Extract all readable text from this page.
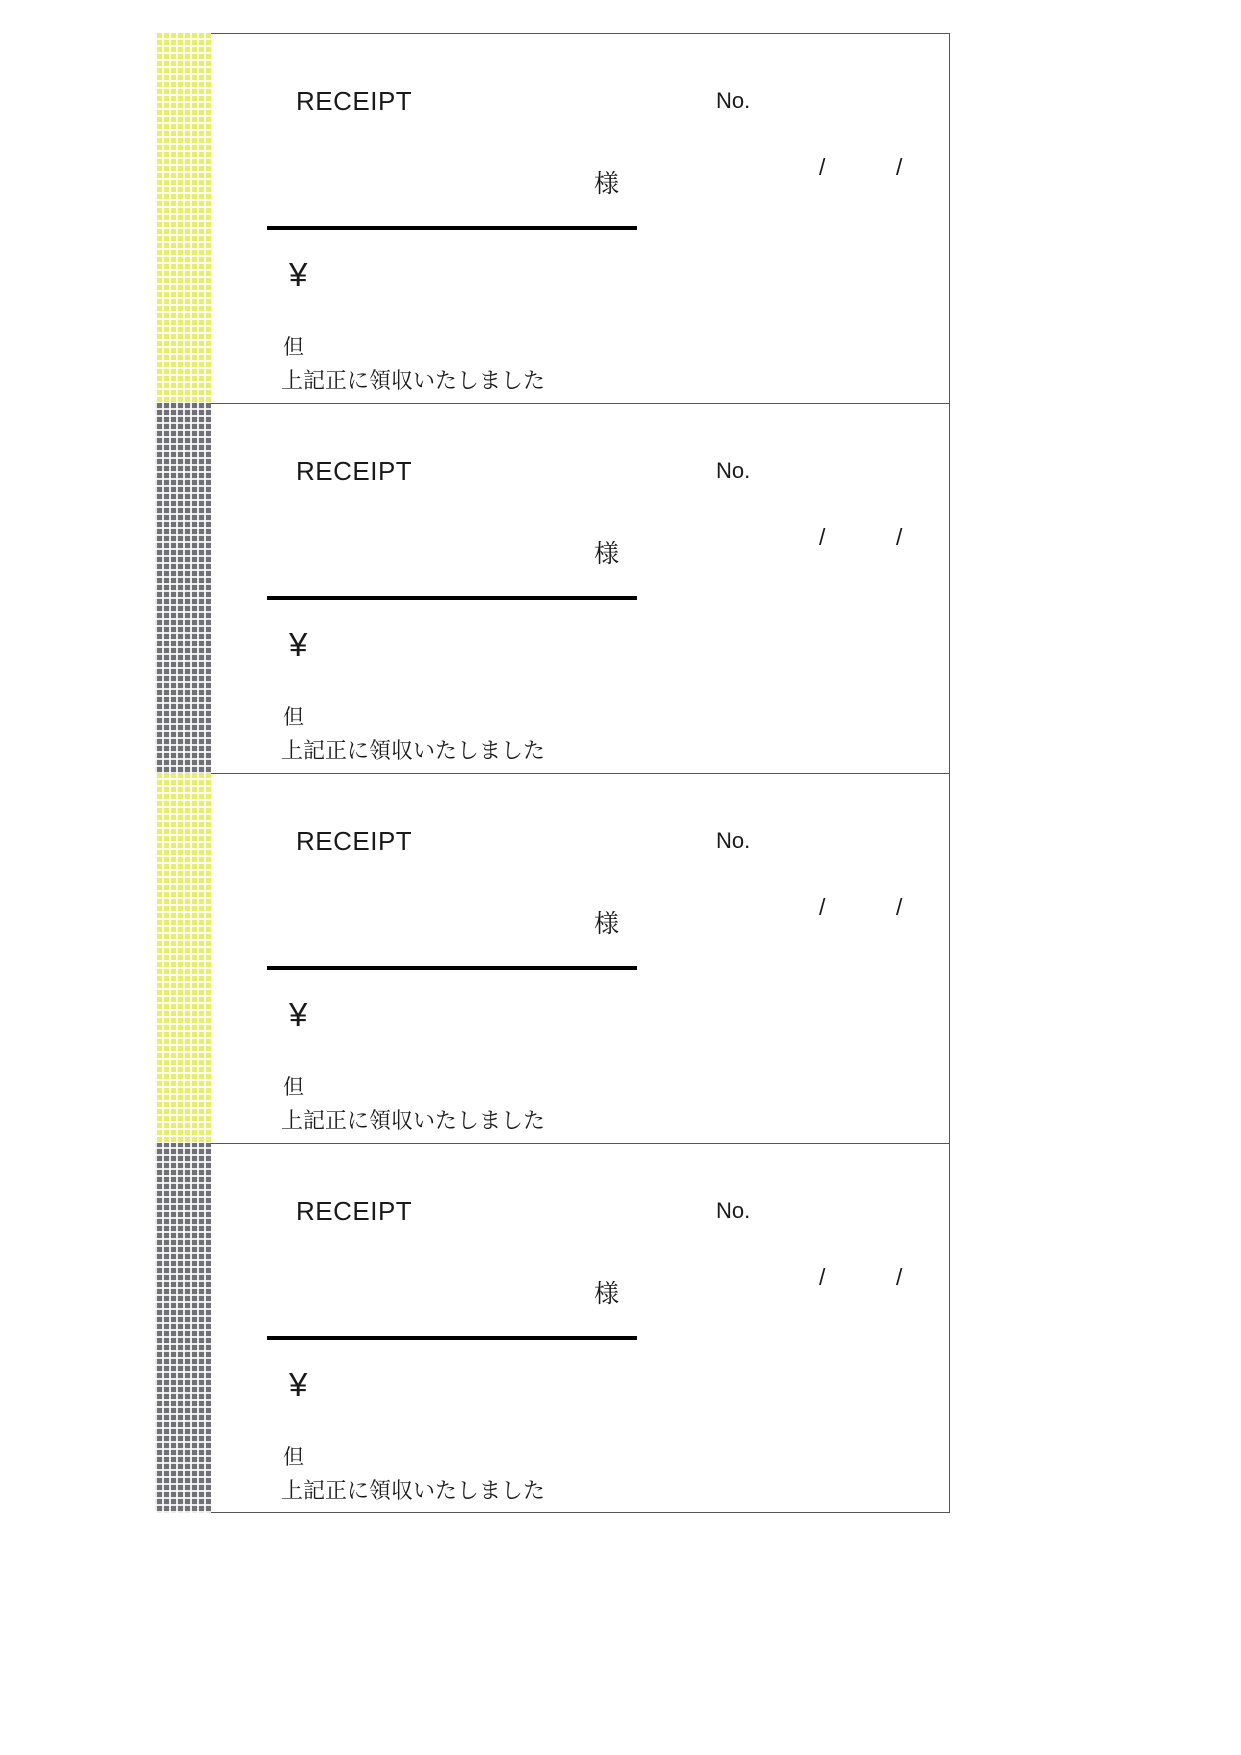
RECEIPT	No.
/	/
様
¥
但
上記正に領収いたしました
RECEIPT	No.
/	/
様
¥
但
上記正に領収いたしました
RECEIPT	No.
/	/
様
¥
但
上記正に領収いたしました
RECEIPT	No.
/	/
様
¥
但
上記正に領収いたしました
